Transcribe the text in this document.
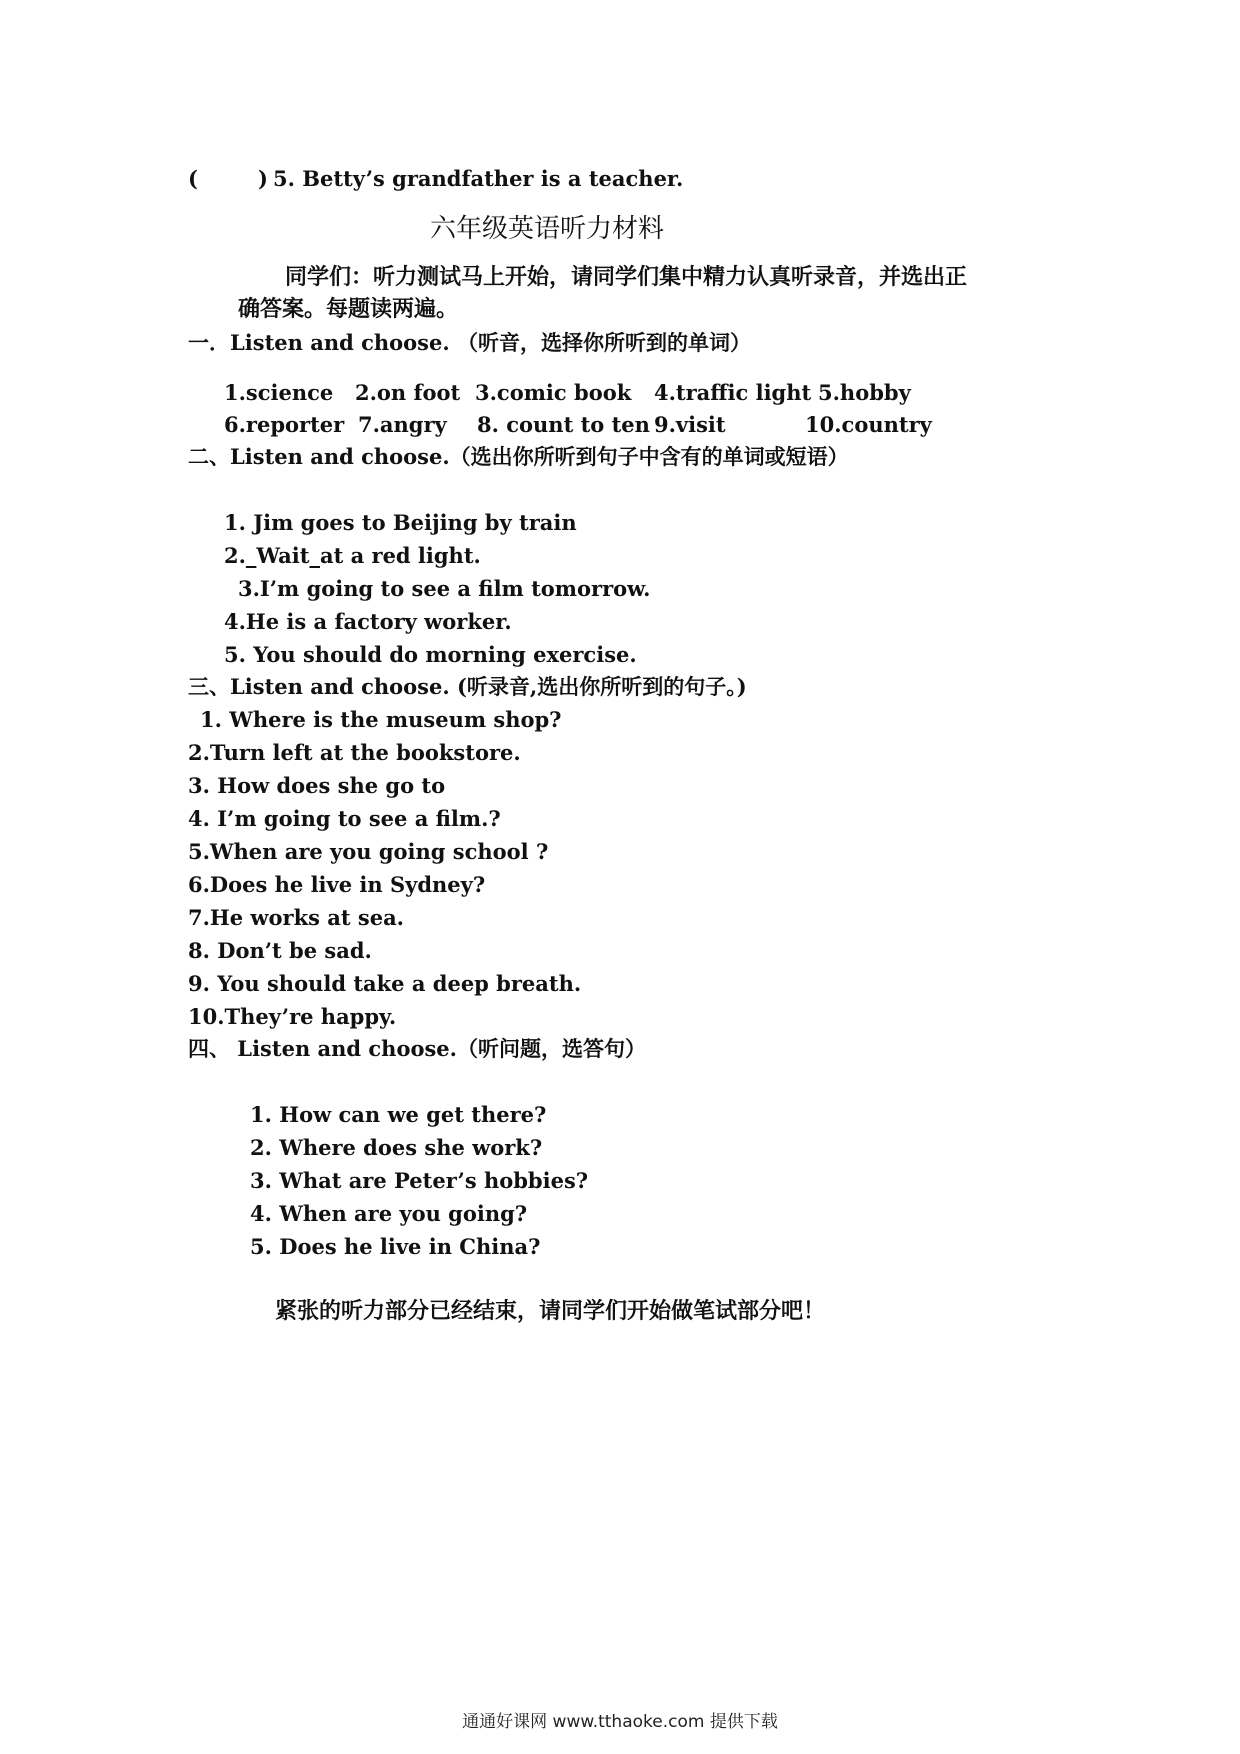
(	) 5. Betty’s grandfather is a teacher.
六年级英语听力材料
同学们：听力测试马上开始，请同学们集中精力认真听录音，并选出正
确答案。每题读两遍。
一．Listen and choose. （听音，选择你所听到的单词）
1.science 2.on foot 3.comic book 4.traffic light 5.hobby
6.reporter 7.angry 8. count to ten 9.visit	10.country
二、Listen and choose.（选出你所听到句子中含有的单词或短语）
1. Jim goes to Beijing by train
2._Wait_at a red light.
3.I’m going to see a film tomorrow.
4.He is a factory worker.
5. You should do morning exercise.
三、Listen and choose. (听录音,选出你所听到的句子。)
1. Where is the museum shop?
2.Turn left at the bookstore.
3. How does she go to
4. I’m going to see a film.?
5.When are you going school ?
6.Does he live in Sydney?
7.He works at sea.
8. Don’t be sad.
9. You should take a deep breath.
10.They’re happy.
四、 Listen and choose.（听问题，选答句）
1. How can we get there?
2. Where does she work?
3. What are Peter’s hobbies?
4. When are you going?
5. Does he live in China?
紧张的听力部分已经结束，请同学们开始做笔试部分吧！
通通好课网 www.tthaoke.com 提供下载
